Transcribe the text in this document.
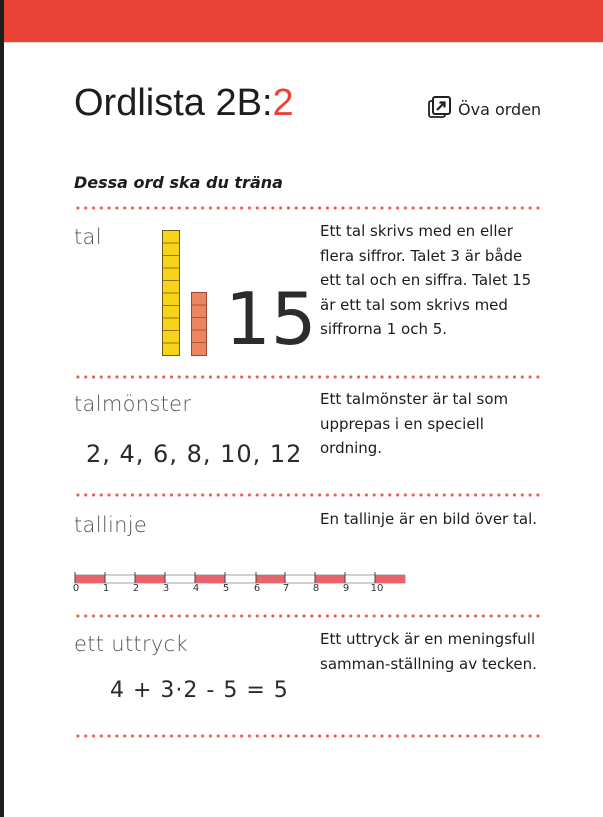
Ordlista 2B:2	Öva orden
Dessa ord ska du träna
tal
15
Ett tal skrivs med en eller flera siffror. Talet 3 är både ett tal och en siffra. Talet 15 är ett tal som skrivs med siffrorna 1 och 5.
talmönster
2, 4, 6, 8, 10, 12
Ett talmönster är tal som upprepas i en speciell ordning.
tallinje	En tallinje är en bild över tal.
0 1 2 3 4 5 6 7 8 9 10
ett uttryck
4 + 3·2 - 5 = 5
Ett uttryck är en meningsfull samman-ställning av tecken.
